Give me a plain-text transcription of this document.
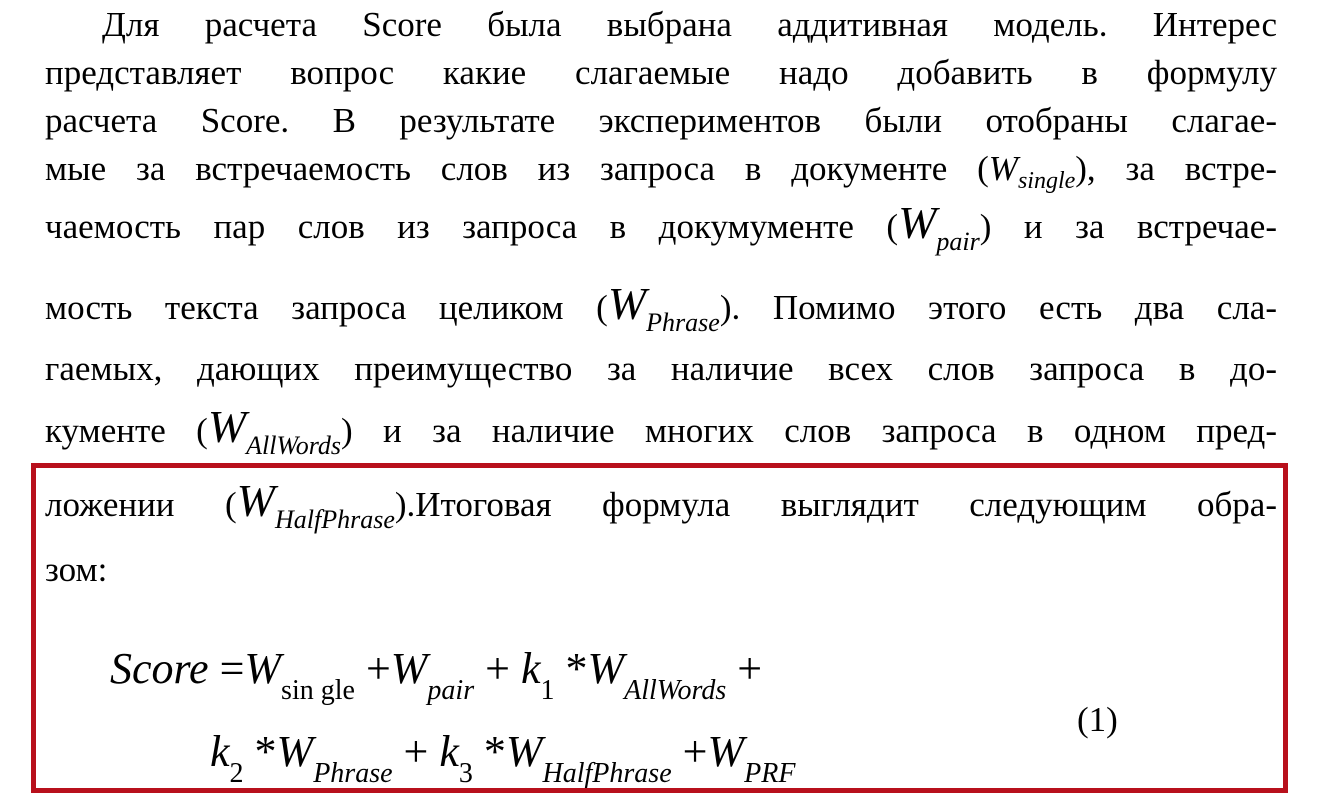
Для расчета Score была выбрана аддитивная модель. Интерес
представляет вопрос какие слагаемые надо добавить в формулу
расчета Score. В результате экспериментов были отобраны слагае-
мые за встречаемость слов из запроса в документе $(W_{single})$, за встре-
чаемость пар слов из запроса в докумументе $(W_{pair})$ и за встречае-
мость текста запроса целиком $(W_{Phrase})$. Помимо этого есть два сла-
гаемых, дающих преимущество за наличие всех слов запроса в до-
кументе $(W_{AllWords})$ и за наличие многих слов запроса в одном пред-
ложении $(W_{HalfPhrase}).Итоговая$ формула выглядит следующим обра-
зом:
Score $=W_{sin gle} +W_{pair} + k_1$ $*W_{AllWords}$ +
$k_2$ $*W_{Phrase} + k_3$ $*W_{HalfPhrase} +W_{PRF}$
(1)
